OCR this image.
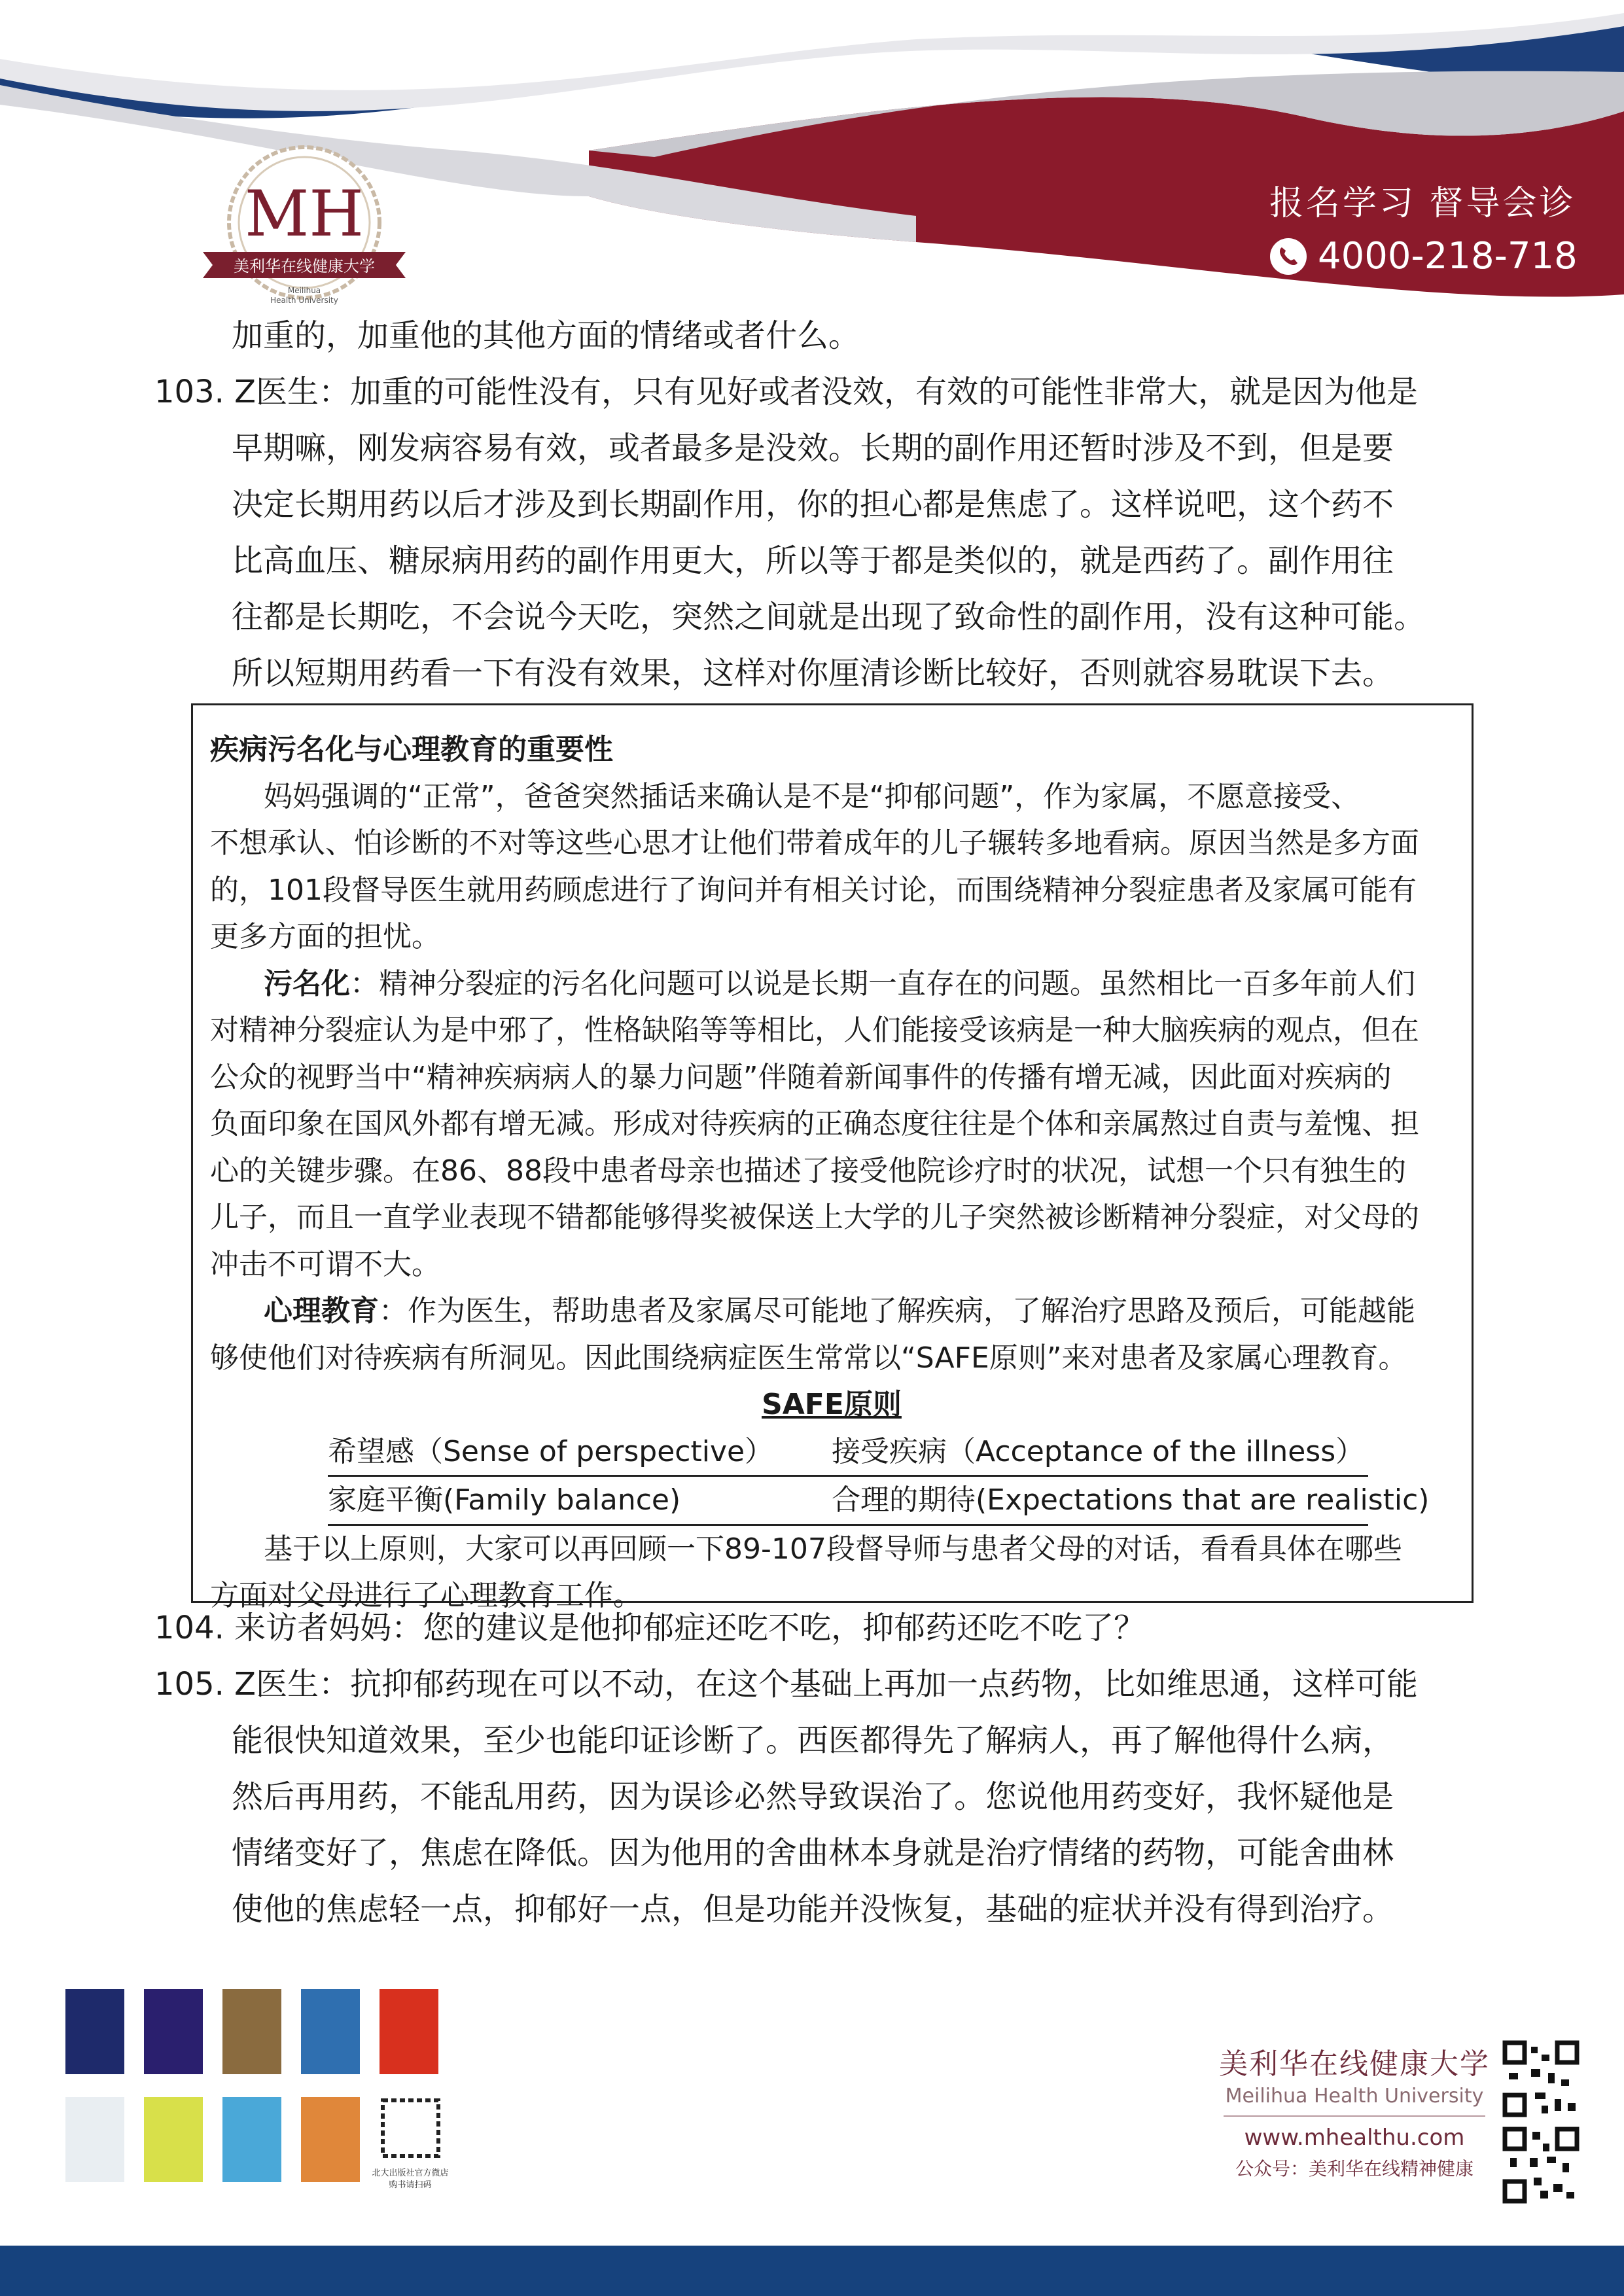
MH
美利华在线健康大学
Meilihua
Health University
报名学习 督导会诊
4000-218-718
加重的，加重他的其他方面的情绪或者什么。
103. Z医生：加重的可能性没有，只有见好或者没效，有效的可能性非常大，就是因为他是
早期嘛，刚发病容易有效，或者最多是没效。长期的副作用还暂时涉及不到，但是要
决定长期用药以后才涉及到长期副作用，你的担心都是焦虑了。这样说吧，这个药不
比高血压、糖尿病用药的副作用更大，所以等于都是类似的，就是西药了。副作用往
往都是长期吃，不会说今天吃，突然之间就是出现了致命性的副作用，没有这种可能。
所以短期用药看一下有没有效果，这样对你厘清诊断比较好，否则就容易耽误下去。
疾病污名化与心理教育的重要性
妈妈强调的“正常”，爸爸突然插话来确认是不是“抑郁问题”，作为家属，不愿意接受、
不想承认、怕诊断的不对等这些心思才让他们带着成年的儿子辗转多地看病。原因当然是多方面
的，101段督导医生就用药顾虑进行了询问并有相关讨论，而围绕精神分裂症患者及家属可能有
更多方面的担忧。
污名化：精神分裂症的污名化问题可以说是长期一直存在的问题。虽然相比一百多年前人们
对精神分裂症认为是中邪了，性格缺陷等等相比，人们能接受该病是一种大脑疾病的观点，但在
公众的视野当中“精神疾病病人的暴力问题”伴随着新闻事件的传播有增无减，因此面对疾病的
负面印象在国风外都有增无减。形成对待疾病的正确态度往往是个体和亲属熬过自责与羞愧、担
心的关键步骤。在86、88段中患者母亲也描述了接受他院诊疗时的状况，试想一个只有独生的
儿子，而且一直学业表现不错都能够得奖被保送上大学的儿子突然被诊断精神分裂症，对父母的
冲击不可谓不大。
心理教育：作为医生，帮助患者及家属尽可能地了解疾病，了解治疗思路及预后，可能越能
够使他们对待疾病有所洞见。因此围绕病症医生常常以“SAFE原则”来对患者及家属心理教育。
SAFE原则
希望感（Sense of perspective）	接受疾病（Acceptance of the illness）
家庭平衡(Family balance)	合理的期待(Expectations that are realistic)
基于以上原则，大家可以再回顾一下89-107段督导师与患者父母的对话，看看具体在哪些
方面对父母进行了心理教育工作。
104. 来访者妈妈：您的建议是他抑郁症还吃不吃，抑郁药还吃不吃了？
105. Z医生：抗抑郁药现在可以不动，在这个基础上再加一点药物，比如维思通，这样可能
能很快知道效果，至少也能印证诊断了。西医都得先了解病人，再了解他得什么病，
然后再用药，不能乱用药，因为误诊必然导致误治了。您说他用药变好，我怀疑他是
情绪变好了，焦虑在降低。因为他用的舍曲林本身就是治疗情绪的药物，可能舍曲林
使他的焦虑轻一点，抑郁好一点，但是功能并没恢复，基础的症状并没有得到治疗。
北大出版社官方微店
购书请扫码
美利华在线健康大学
Meilihua Health University
www.mhealthu.com
公众号：美利华在线精神健康
